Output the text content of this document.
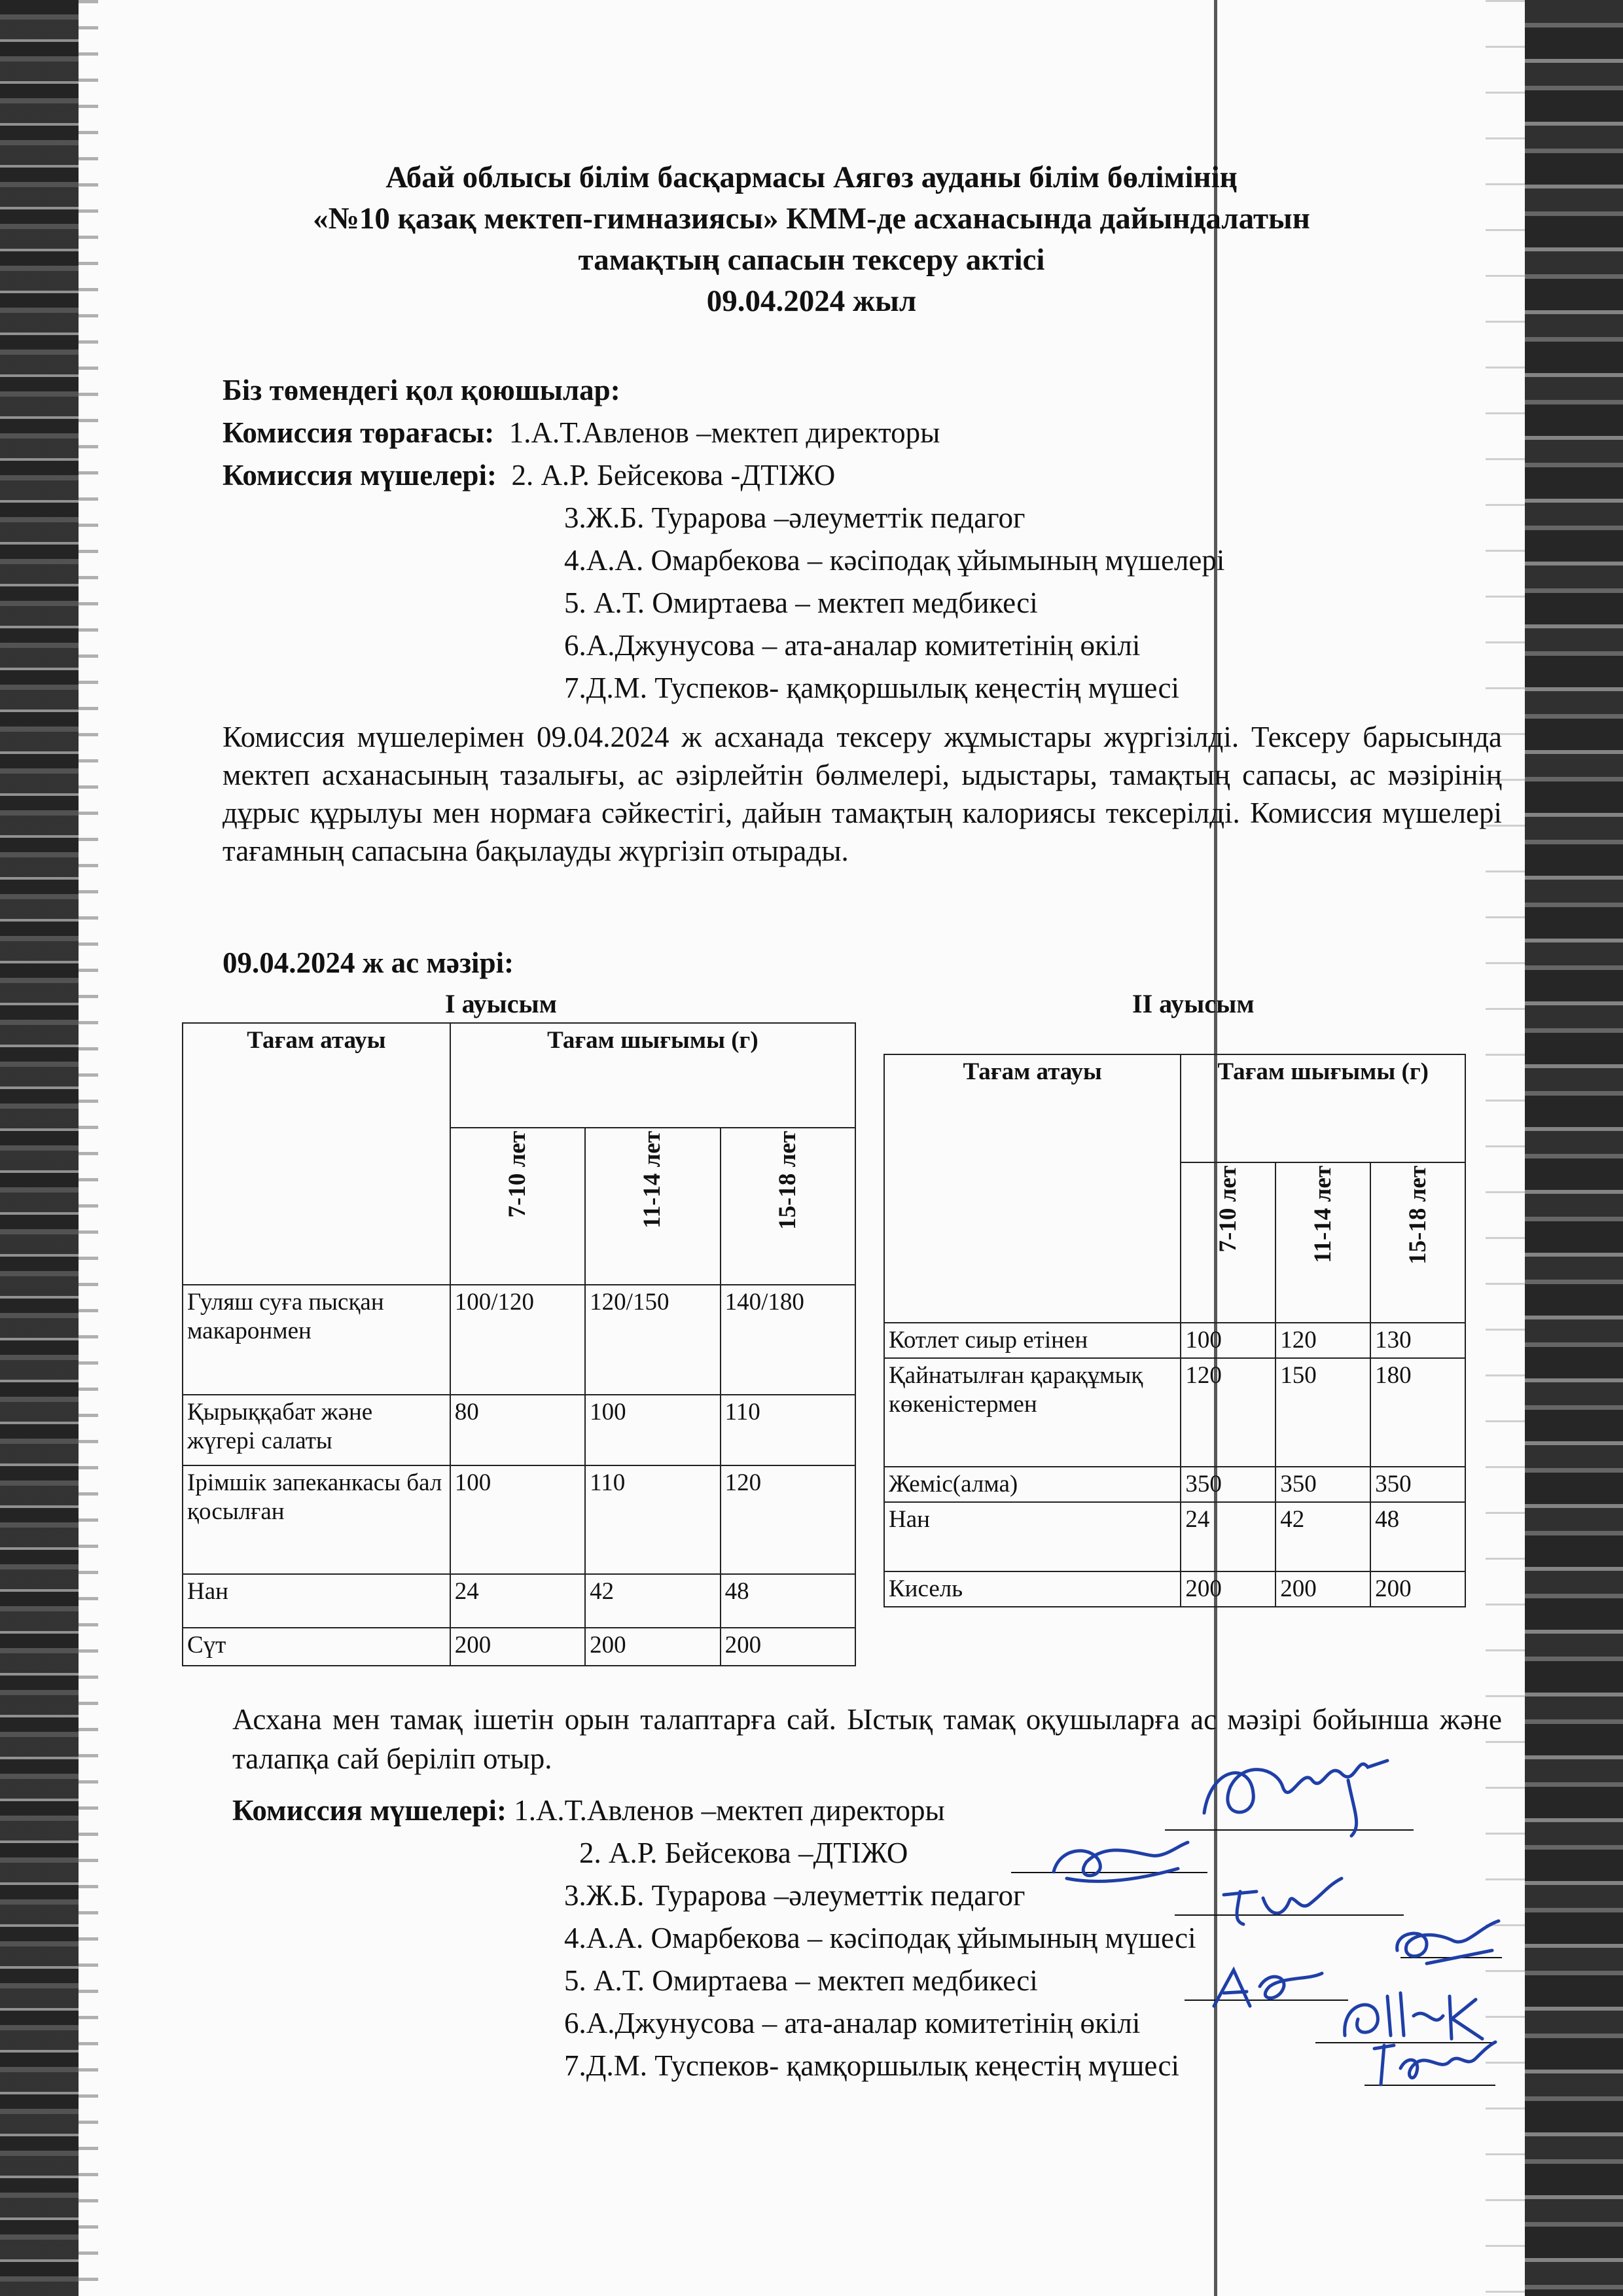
Абай облысы білім басқармасы Аягөз ауданы білім бөлімінің
«№10 қазақ мектеп-гимназиясы» КММ-де асханасында дайындалатын
тамақтың сапасын тексеру актісі
09.04.2024 жыл
Біз төмендегі қол қоюшылар:
Комиссия төрағасы: 1.А.Т.Авленов –мектеп директоры
Комиссия мүшелері: 2. А.Р. Бейсекова -ДТІЖО
3.Ж.Б. Турарова –әлеуметтік педагог
4.А.А. Омарбекова – кәсіподақ ұйымының мүшелері
5. А.Т. Омиртаева – мектеп медбикесі
6.А.Джунусова – ата-аналар комитетінің өкілі
7.Д.М. Туспеков- қамқоршылық кеңестің мүшесі
Комиссия мүшелерімен 09.04.2024 ж асханада тексеру жұмыстары жүргізілді. Тексеру барысында мектеп асханасының тазалығы, ас әзірлейтін бөлмелері, ыдыстары, тамақтың сапасы, ас мәзірінің дұрыс құрылуы мен нормаға сәйкестігі, дайын тамақтың калориясы тексерілді. Комиссия мүшелері тағамның сапасына бақылауды жүргізіп отырады.
09.04.2024 ж ас мәзірі:
І ауысым	ІІ ауысым
Тағам атауы	Тағам шығымы (г)		
	7-10 лет	11-14 лет	15-18 лет
Гуляш суға пысқан макаронмен	100/120	120/150	140/180
Қырыққабат және жүгері салаты	80	100	110
Ірімшік запеканкасы бал қосылған	100	110	120
Нан	24	42	48
Сүт	200	200	200
Тағам атауы	Тағам шығымы (г)		
	7-10 лет	11-14 лет	15-18 лет
Котлет сиыр етінен	100	120	130
Қайнатылған қарақұмық көкеністермен	120	150	180
Жеміс(алма)	350	350	350
Нан	24	42	48
Кисель	200	200	200
Асхана мен тамақ ішетін орын талаптарға сай. Ыстық тамақ оқушыларға ас мәзірі бойынша және талапқа сай беріліп отыр.
Комиссия мүшелері: 1.А.Т.Авленов –мектеп директоры
2. А.Р. Бейсекова –ДТІЖО
3.Ж.Б. Турарова –әлеуметтік педагог
4.А.А. Омарбекова – кәсіподақ ұйымының мүшесі
5. А.Т. Омиртаева – мектеп медбикесі
6.А.Джунусова – ата-аналар комитетінің өкілі
7.Д.М. Туспеков- қамқоршылық кеңестің мүшесі
